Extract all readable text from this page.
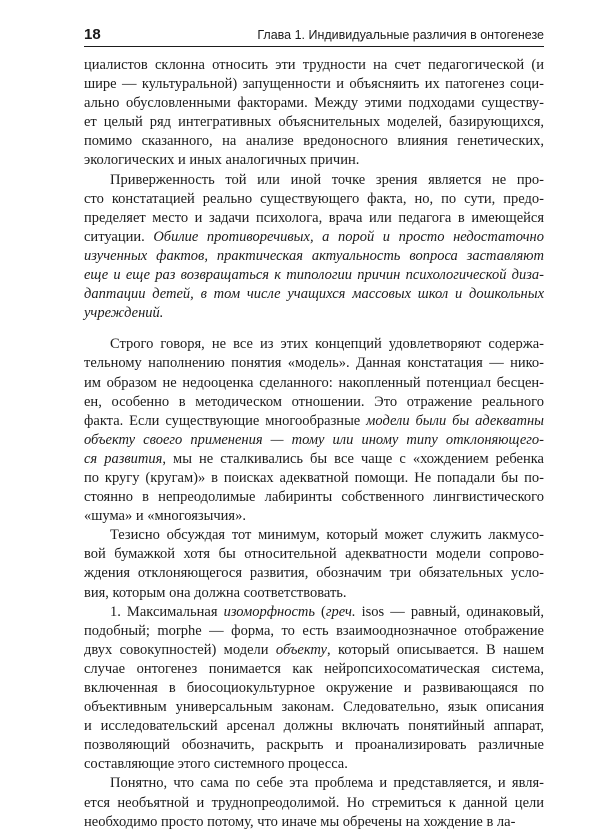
18	Глава 1. Индивидуальные различия в онтогенезе
циалистов склонна относить эти трудности на счет педагогической (и
шире — культуральной) запущенности и объясняить их патогенез соци-
ально обусловленными факторами. Между этими подходами существу-
ет целый ряд интегративных объяснительных моделей, базирующихся,
помимо сказанного, на анализе вредоносного влияния генетических,
экологических и иных аналогичных причин.
Приверженность той или иной точке зрения является не про-
сто констатацией реально существующего факта, но, по сути, предо-
пределяет место и задачи психолога, врача или педагога в имеющейся
ситуации. Обилие противоречивых, а порой и просто недостаточно
изученных фактов, практическая актуальность вопроса заставляют
еще и еще раз возвращаться к типологии причин психологической диза-
даптации детей, в том числе учащихся массовых школ и дошкольных
учреждений.
Строго говоря, не все из этих концепций удовлетворяют содержа-
тельному наполнению понятия «модель». Данная констатация — нико-
им образом не недооценка сделанного: накопленный потенциал бесцен-
ен, особенно в методическом отношении. Это отражение реального
факта. Если существующие многообразные модели были бы адекватны
объекту своего применения — тому или иному типу отклоняющего-
ся развития, мы не сталкивались бы все чаще с «хождением ребенка
по кругу (кругам)» в поисках адекватной помощи. Не попадали бы по-
стоянно в непреодолимые лабиринты собственного лингвистического
«шума» и «многоязычия».
Тезисно обсуждая тот минимум, который может служить лакмусо-
вой бумажкой хотя бы относительной адекватности модели сопрово-
ждения отклоняющегося развития, обозначим три обязательных усло-
вия, которым она должна соответствовать.
1. Максимальная изоморфность (греч. isos — равный, одинаковый,
подобный; morphe — форма, то есть взаимооднозначное отображение
двух совокупностей) модели объекту, который описывается. В нашем
случае онтогенез понимается как нейропсихосоматическая система,
включенная в биосоциокультурное окружение и развивающаяся по
объективным универсальным законам. Следовательно, язык описания
и исследовательский арсенал должны включать понятийный аппарат,
позволяющий обозначить, раскрыть и проанализировать различные
составляющие этого системного процесса.
Понятно, что сама по себе эта проблема и представляется, и явля-
ется необъятной и труднопреодолимой. Но стремиться к данной цели
необходимо просто потому, что иначе мы обречены на хождение в ла-
